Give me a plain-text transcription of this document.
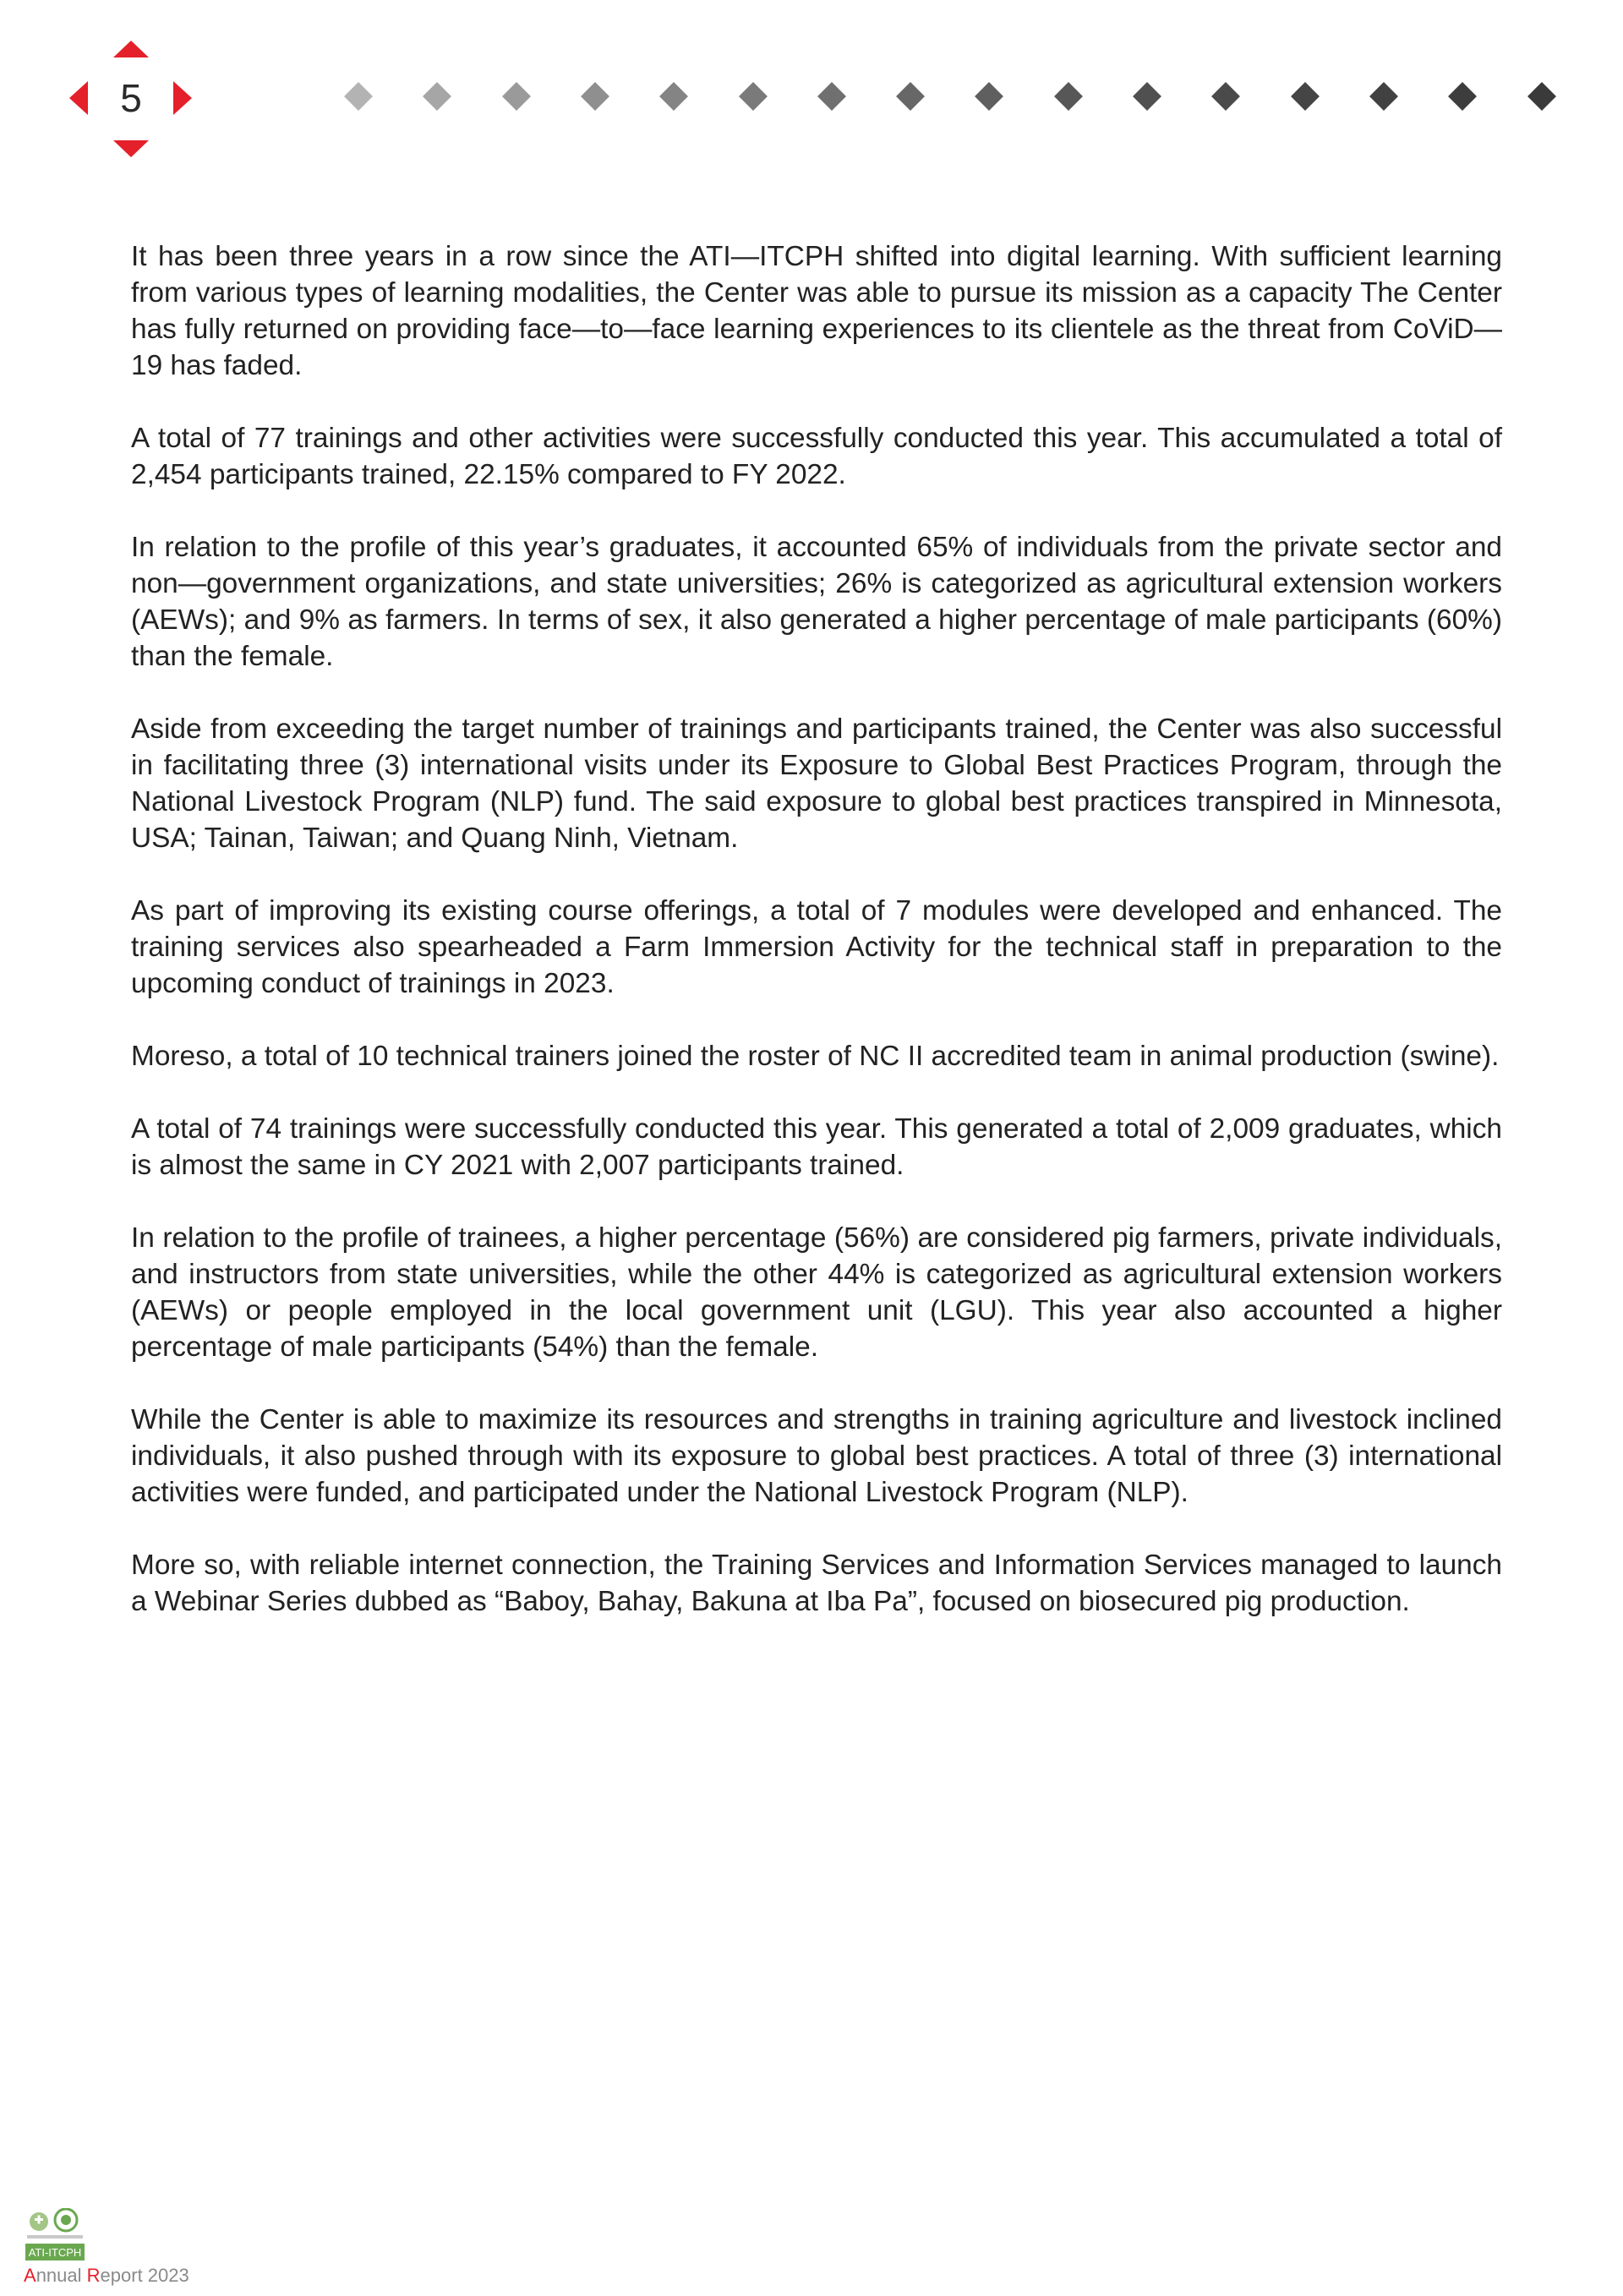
5

It has been three years in a row since the ATI—ITCPH shifted into digital learning. With sufficient learning from various types of learning modalities, the Center was able to pursue its mission as a capacity The Center has fully returned on providing face—to—face learning experiences to its clientele as the threat from CoViD—19 has faded.

A total of 77 trainings and other activities were successfully conducted this year. This accumulated a total of 2,454 participants trained, 22.15% compared to FY 2022.

In relation to the profile of this year’s graduates, it accounted 65% of individuals from the private sector and non—government organizations, and state universities; 26% is categorized as agricultural extension workers (AEWs); and 9% as farmers. In terms of sex, it also generated a higher percentage of male participants (60%) than the female.

Aside from exceeding the target number of trainings and participants trained, the Center was also successful in facilitating three (3) international visits under its Exposure to Global Best Practices Program, through the National Livestock Program (NLP) fund. The said exposure to global best practices transpired in Minnesota, USA; Tainan, Taiwan; and Quang Ninh, Vietnam.

As part of improving its existing course offerings, a total of 7 modules were developed and enhanced. The training services also spearheaded a Farm Immersion Activity for the technical staff in preparation to the upcoming conduct of trainings in 2023.

Moreso, a total of 10 technical trainers joined the roster of NC II accredited team in animal production (swine).

A total of 74 trainings were successfully conducted this year. This generated a total of 2,009 graduates, which is almost the same in CY 2021 with 2,007 participants trained.

In relation to the profile of trainees, a higher percentage (56%) are considered pig farmers, private individuals, and instructors from state universities, while the other 44% is categorized as agricultural extension workers (AEWs) or people employed in the local government unit (LGU). This year also accounted a higher percentage of male participants (54%) than the female.

While the Center is able to maximize its resources and strengths in training agriculture and livestock inclined individuals, it also pushed through with its exposure to global best practices. A total of three (3) international activities were funded, and participated under the National Livestock Program (NLP).

More so, with reliable internet connection, the Training Services and Information Services managed to launch a Webinar Series dubbed as “Baboy, Bahay, Bakuna at Iba Pa”, focused on biosecured pig production.

ATI-ITCPH
Annual Report 2023
